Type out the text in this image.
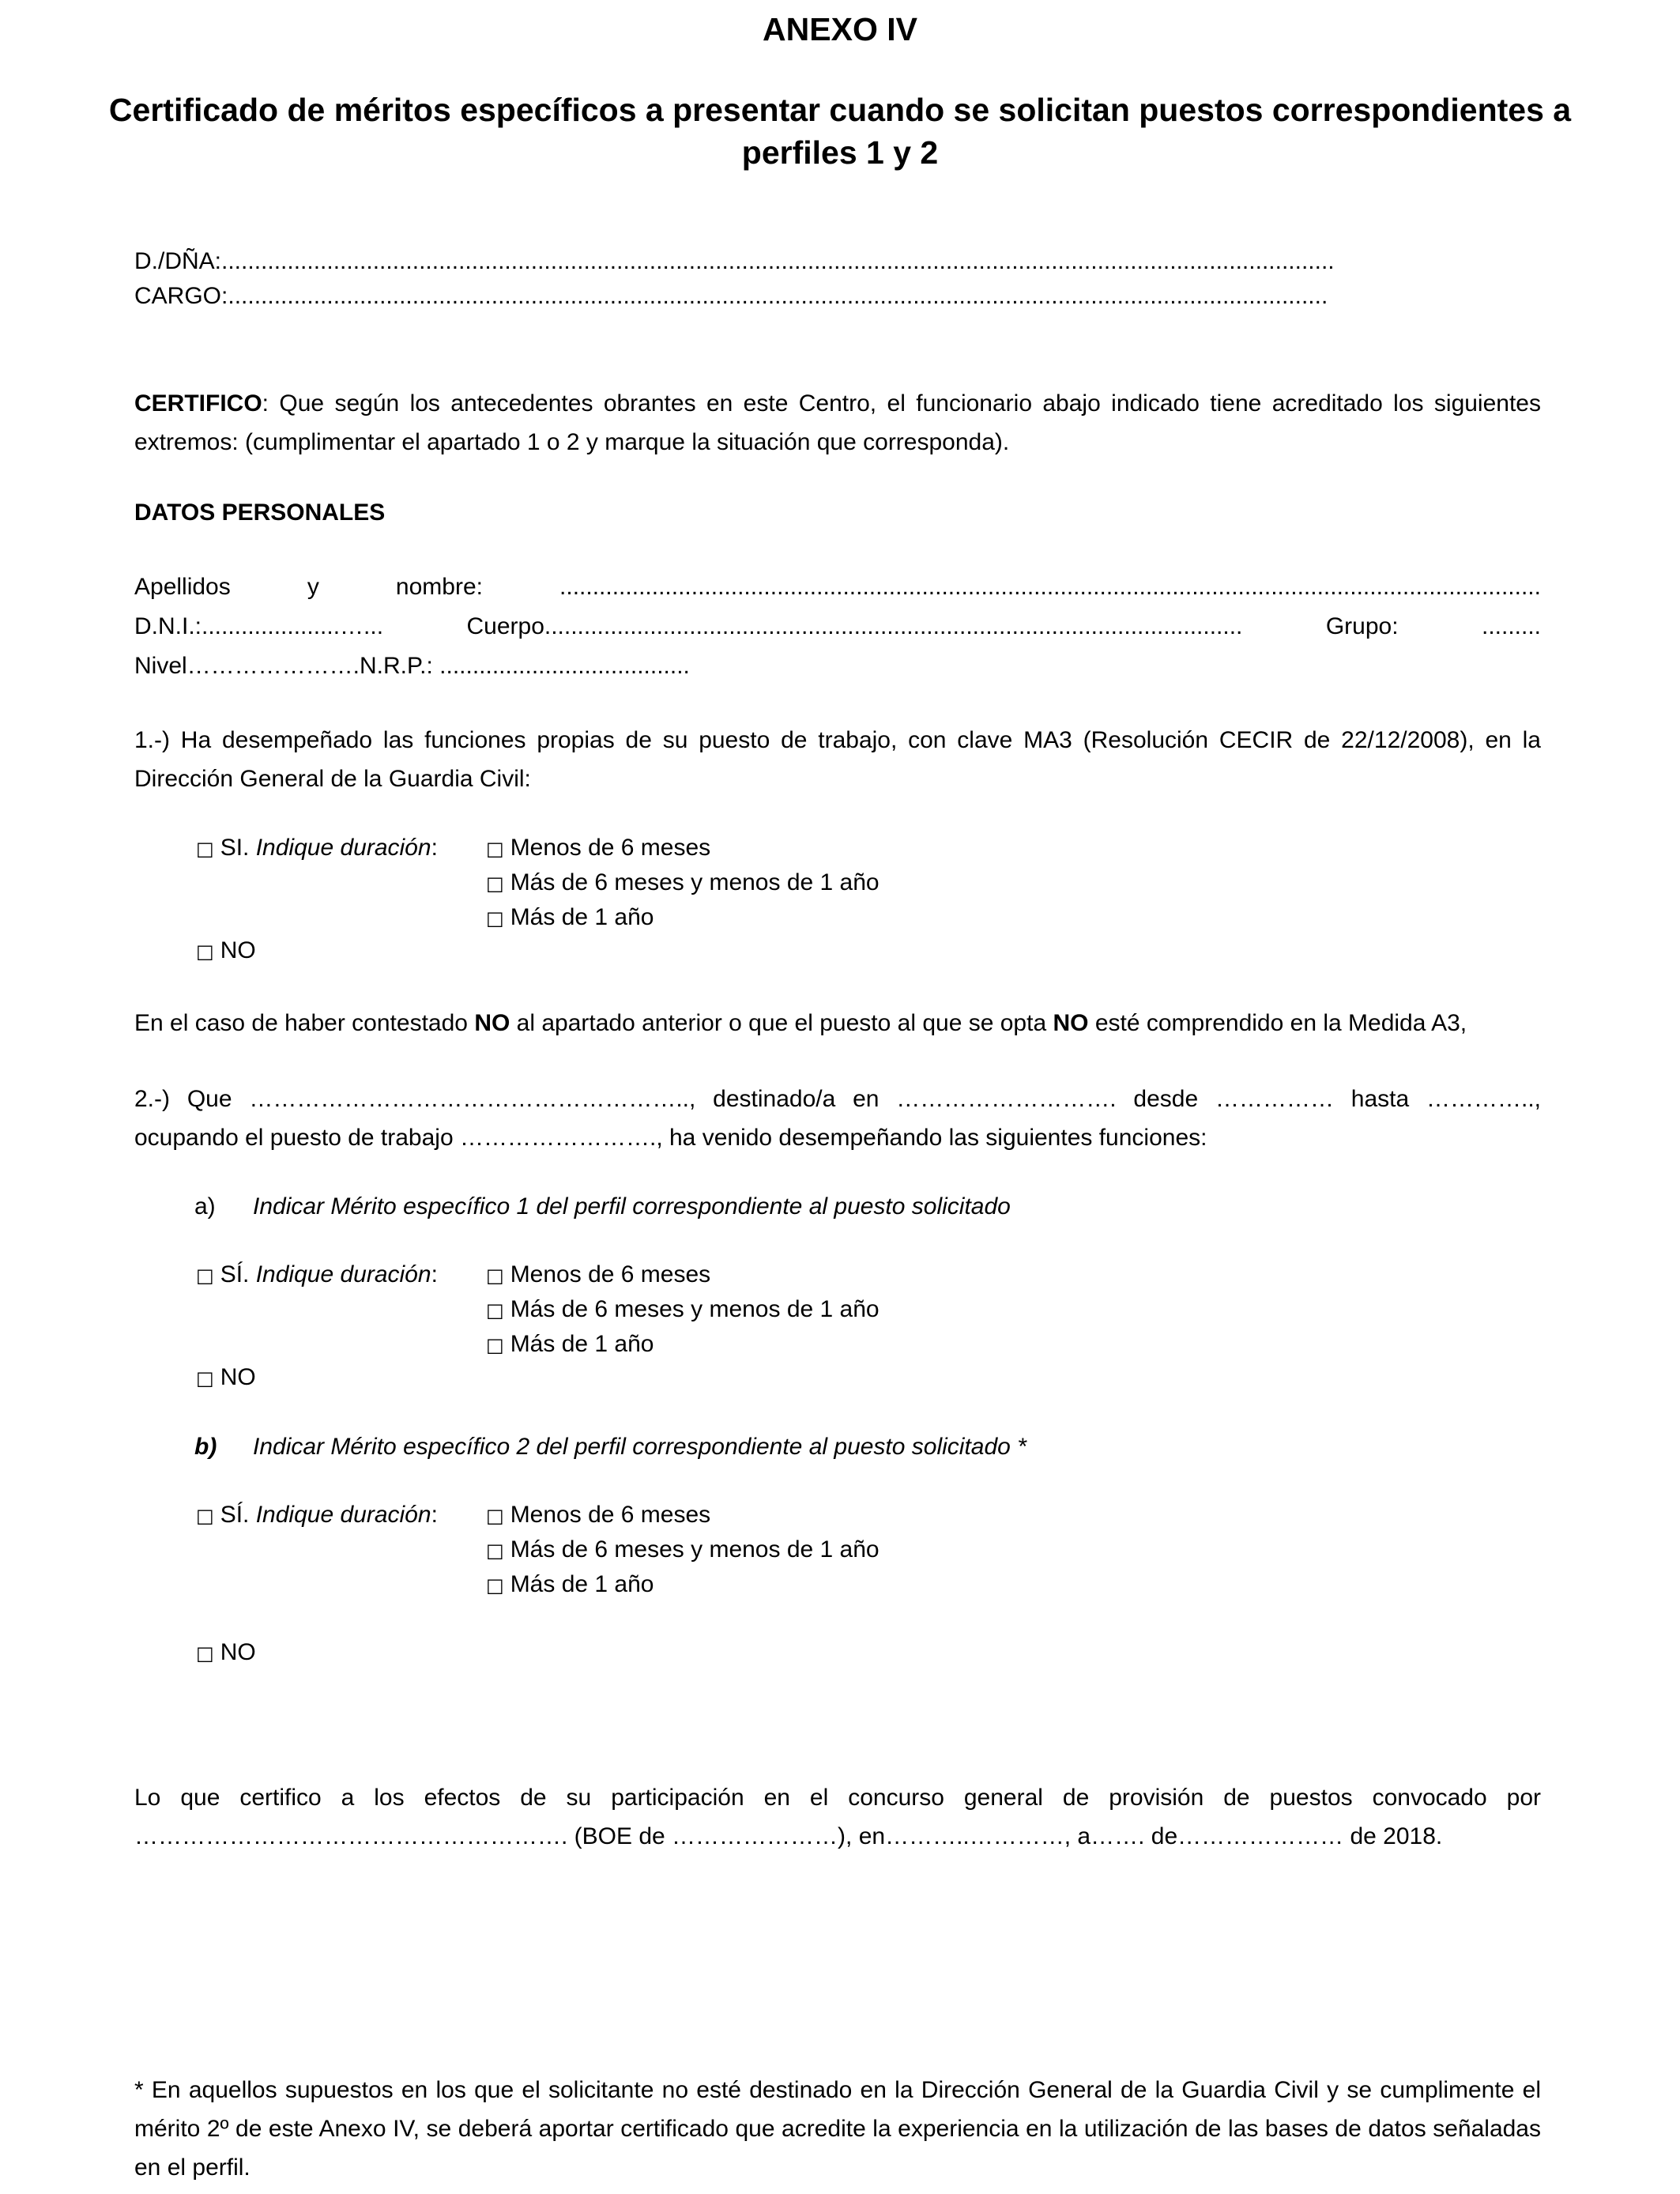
ANEXO IV
Certificado de méritos específicos a presentar cuando se solicitan puestos correspondientes a perfiles 1 y 2
D./DÑA:.........................................................................................................................................................................
CARGO:.......................................................................................................................................................................
CERTIFICO: Que según los antecedentes obrantes en este Centro, el funcionario abajo indicado tiene acreditado los siguientes extremos: (cumplimentar el apartado 1 o 2 y marque la situación que corresponda).
DATOS PERSONALES
Apellidos	y	nombre:	.....................................................................................................................................................
D.N.I.:.....................…...	Cuerpo..........................................................................................................	Grupo:	.........
Nivel………………….N.R.P.: ......................................
1.-) Ha desempeñado las funciones propias de su puesto de trabajo, con clave MA3 (Resolución CECIR de 22/12/2008), en la Dirección General de la Guardia Civil:
□ SI. Indique duración:	□ Menos de 6 meses
□ Más de 6 meses y menos de 1 año
□ Más de 1 año
□ NO
En el caso de haber contestado NO al apartado anterior o que el puesto al que se opta NO esté comprendido en la Medida A3,
2.-) Que ……………………………………………….., destinado/a en ………………………. desde …………… hasta ………….., ocupando el puesto de trabajo ……………………., ha venido desempeñando las siguientes funciones:
a) Indicar Mérito específico 1 del perfil correspondiente al puesto solicitado
□ SÍ. Indique duración:	□ Menos de 6 meses
□ Más de 6 meses y menos de 1 año
□ Más de 1 año
□ NO
b) Indicar Mérito específico 2 del perfil correspondiente al puesto solicitado *
□ SÍ. Indique duración:	□ Menos de 6 meses
□ Más de 6 meses y menos de 1 año
□ Más de 1 año
□ NO
Lo que certifico a los efectos de su participación en el concurso general de provisión de puestos convocado por ………………………………………………. (BOE de …………………), en………..…………, a……. de………………… de 2018.
* En aquellos supuestos en los que el solicitante no esté destinado en la Dirección General de la Guardia Civil y se cumplimente el mérito 2º de este Anexo IV, se deberá aportar certificado que acredite la experiencia en la utilización de las bases de datos señaladas en el perfil.
